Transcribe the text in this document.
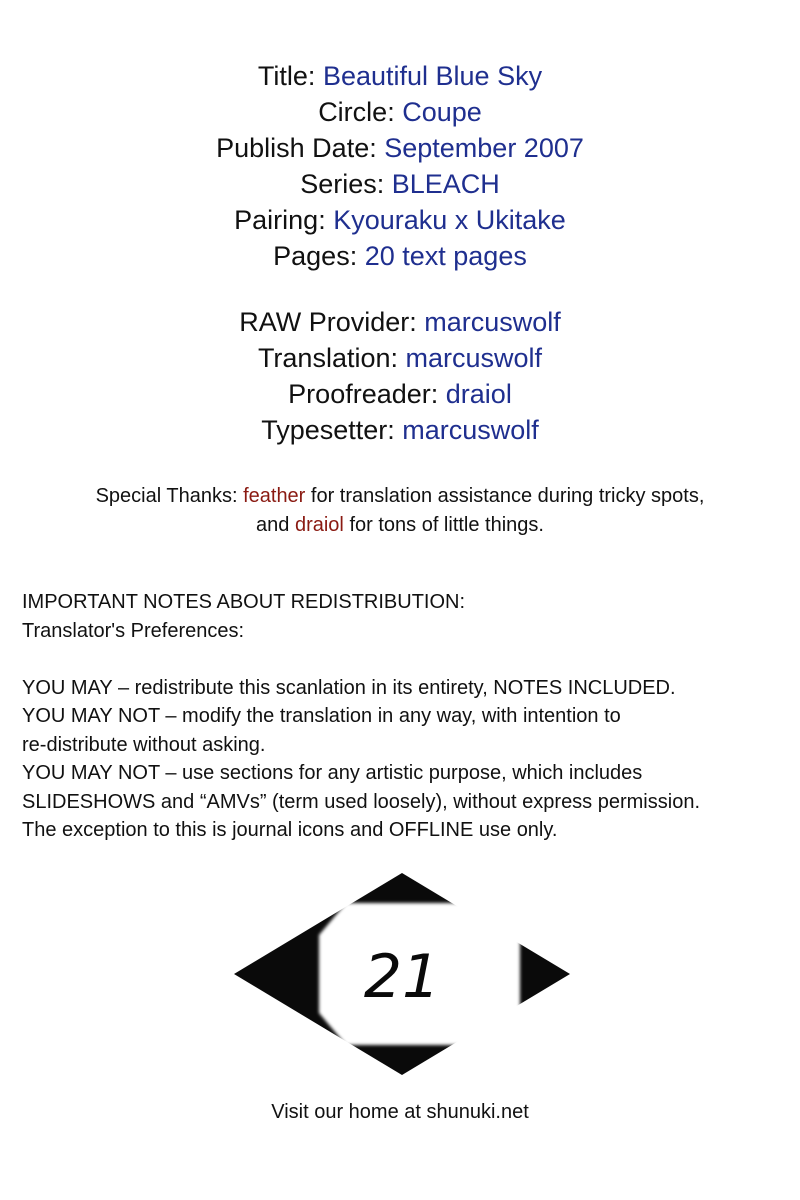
Title: Beautiful Blue Sky

Circle: Coupe

Publish Date: September 2007

Series: BLEACH

Pairing: Kyouraku x Ukitake

Pages: 20 text pages

RAW Provider: marcuswolf

Translation: marcuswolf

Proofreader: draiol

Typesetter: marcuswolf

Special Thanks: feather for translation assistance during tricky spots,

and draiol for tons of little things.

IMPORTANT NOTES ABOUT REDISTRIBUTION:

Translator's Preferences:

YOU MAY – redistribute this scanlation in its entirety, NOTES INCLUDED.

YOU MAY NOT – modify the translation in any way, with intention to

re-distribute without asking.

YOU MAY NOT – use sections for any artistic purpose, which includes

SLIDESHOWS and “AMVs” (term used loosely), without express permission.

The exception to this is journal icons and OFFLINE use only.

21

Visit our home at shunuki.net
